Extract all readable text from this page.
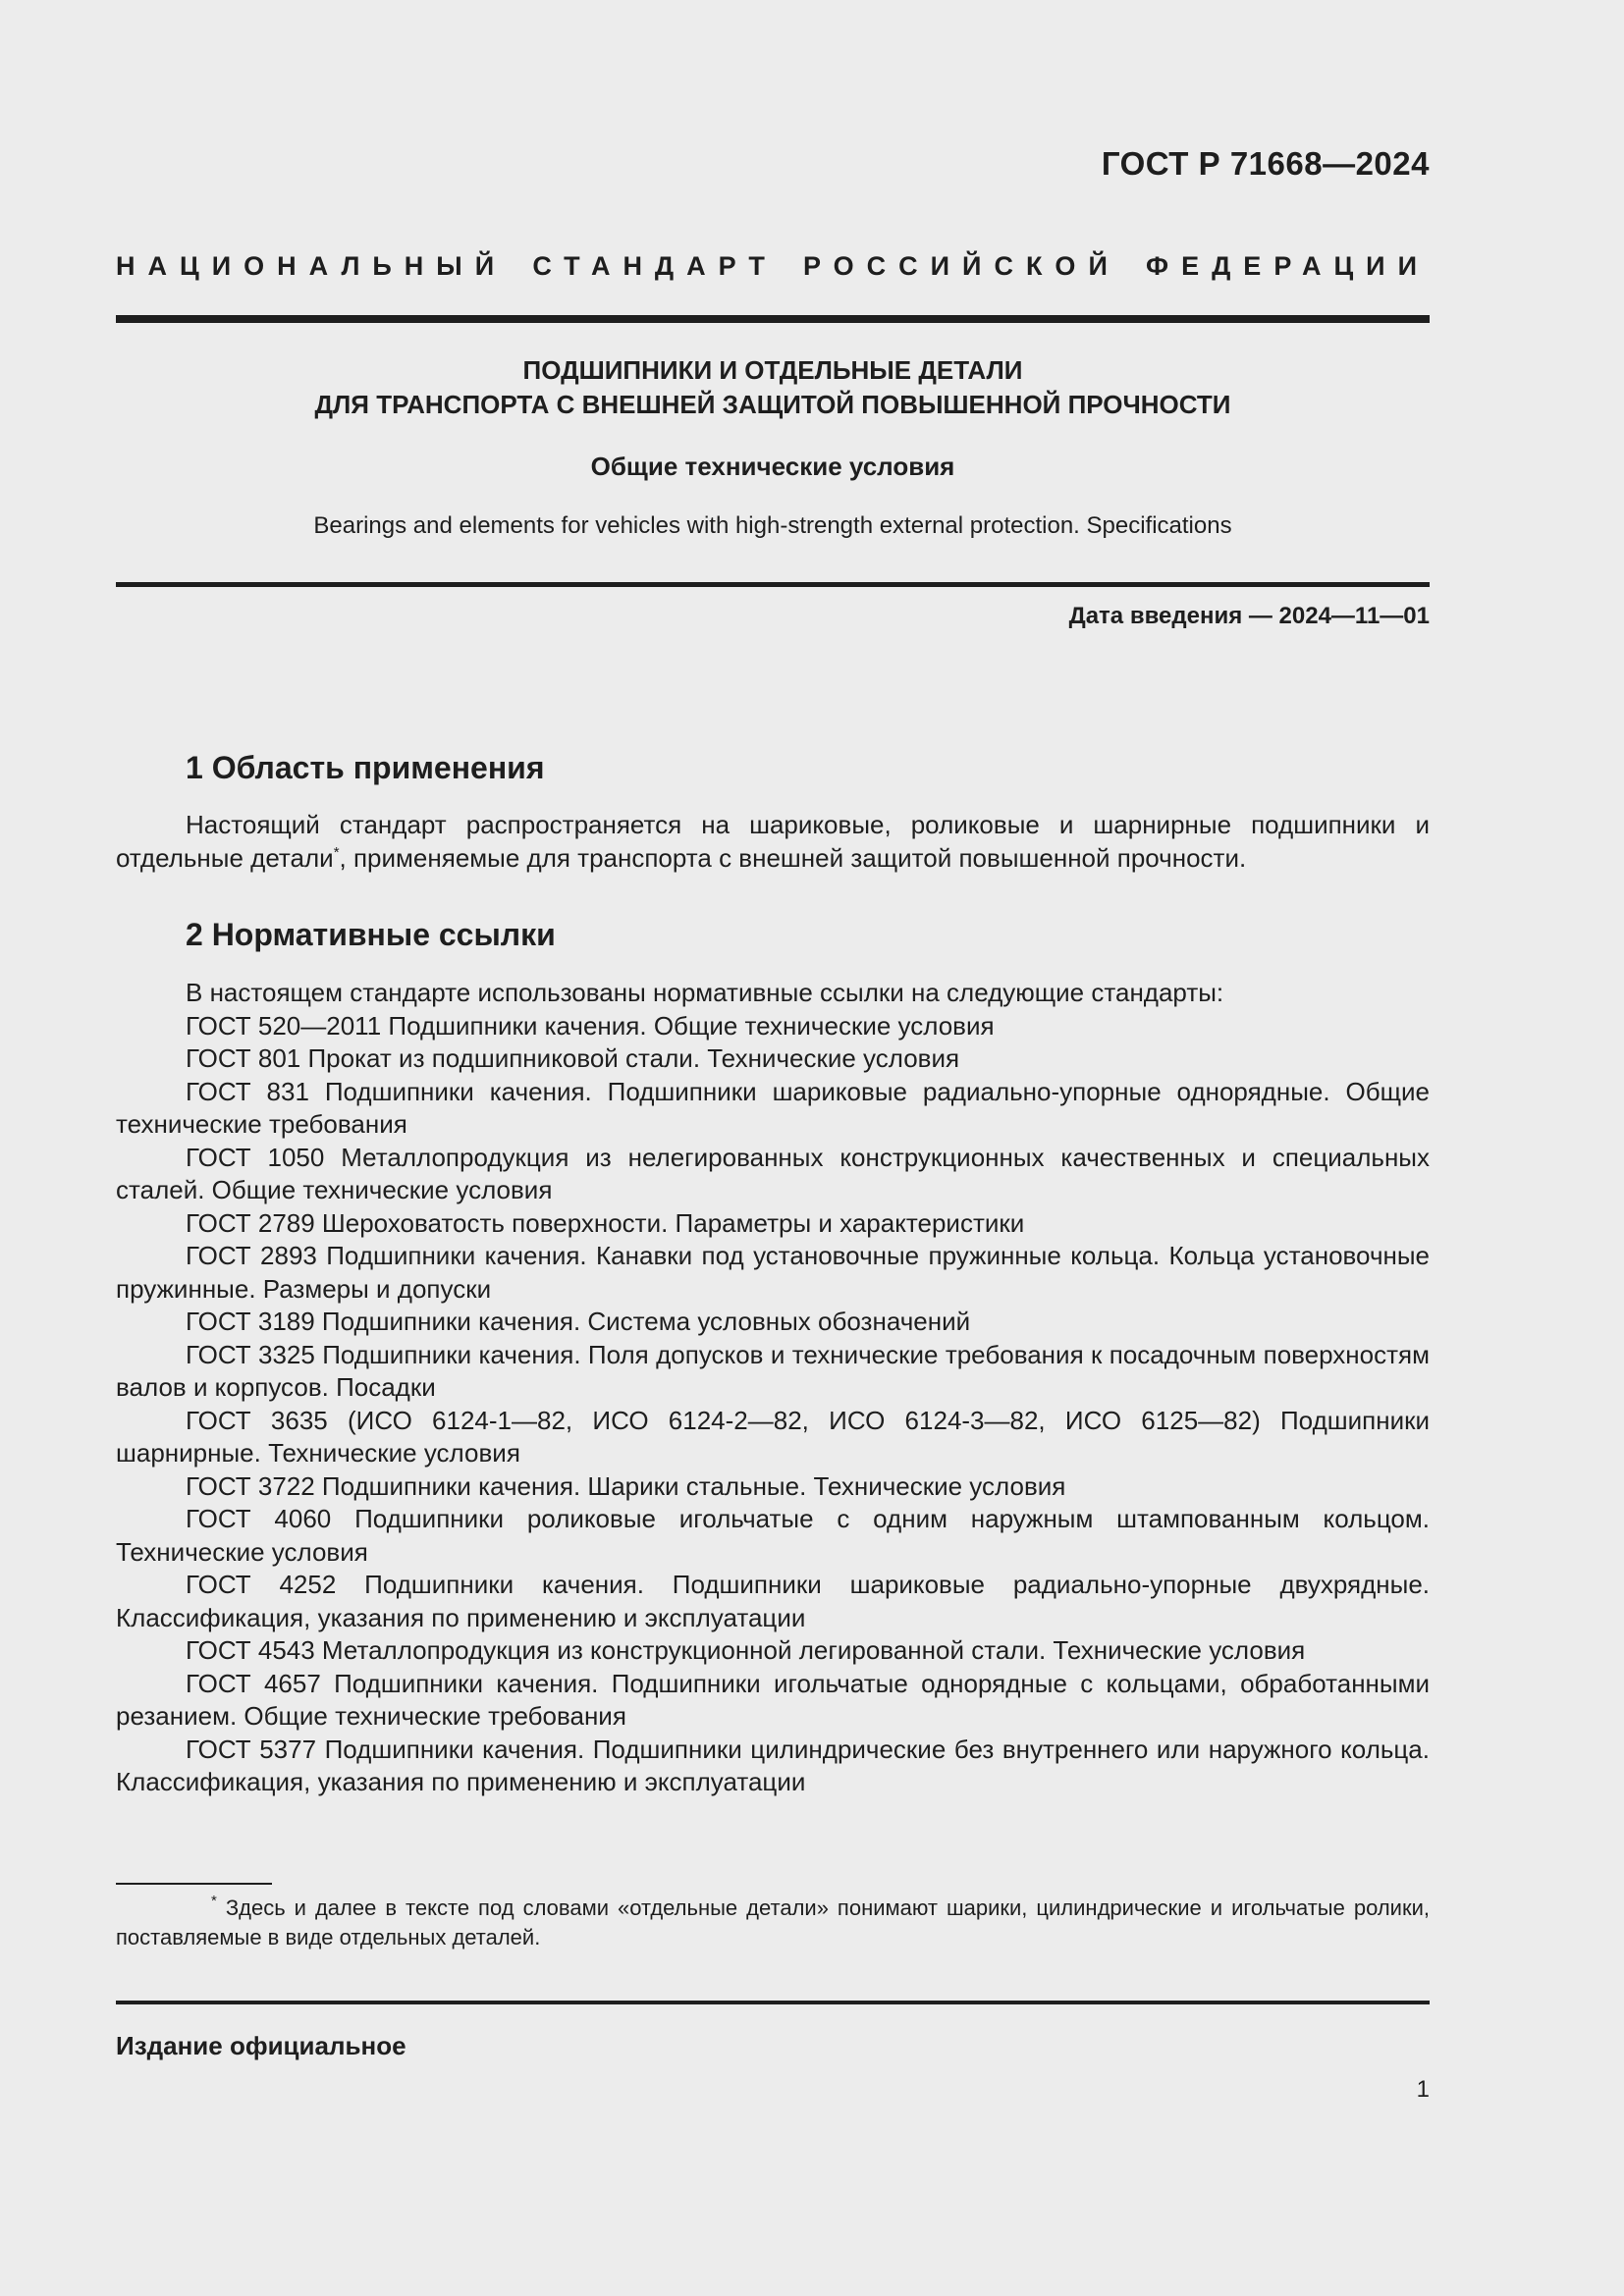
ГОСТ Р 71668—2024
НАЦИОНАЛЬНЫЙ СТАНДАРТ РОССИЙСКОЙ ФЕДЕРАЦИИ
ПОДШИПНИКИ И ОТДЕЛЬНЫЕ ДЕТАЛИ
ДЛЯ ТРАНСПОРТА С ВНЕШНЕЙ ЗАЩИТОЙ ПОВЫШЕННОЙ ПРОЧНОСТИ
Общие технические условия
Bearings and elements for vehicles with high-strength external protection. Specifications
Дата введения — 2024—11—01
1 Область применения

Настоящий стандарт распространяется на шариковые, роликовые и шарнирные подшипники и отдельные детали*, применяемые для транспорта с внешней защитой повышенной прочности.

2 Нормативные ссылки

В настоящем стандарте использованы нормативные ссылки на следующие стандарты:

ГОСТ 520—2011 Подшипники качения. Общие технические условия

ГОСТ 801 Прокат из подшипниковой стали. Технические условия

ГОСТ 831 Подшипники качения. Подшипники шариковые радиально-упорные однорядные. Общие технические требования

ГОСТ 1050 Металлопродукция из нелегированных конструкционных качественных и специальных сталей. Общие технические условия

ГОСТ 2789 Шероховатость поверхности. Параметры и характеристики

ГОСТ 2893 Подшипники качения. Канавки под установочные пружинные кольца. Кольца установочные пружинные. Размеры и допуски

ГОСТ 3189 Подшипники качения. Система условных обозначений

ГОСТ 3325 Подшипники качения. Поля допусков и технические требования к посадочным поверхностям валов и корпусов. Посадки

ГОСТ 3635 (ИСО 6124-1—82, ИСО 6124-2—82, ИСО 6124-3—82, ИСО 6125—82) Подшипники шарнирные. Технические условия

ГОСТ 3722 Подшипники качения. Шарики стальные. Технические условия

ГОСТ 4060 Подшипники роликовые игольчатые с одним наружным штампованным кольцом. Технические условия

ГОСТ 4252 Подшипники качения. Подшипники шариковые радиально-упорные двухрядные. Классификация, указания по применению и эксплуатации

ГОСТ 4543 Металлопродукция из конструкционной легированной стали. Технические условия

ГОСТ 4657 Подшипники качения. Подшипники игольчатые однорядные с кольцами, обработанными резанием. Общие технические требования

ГОСТ 5377 Подшипники качения. Подшипники цилиндрические без внутреннего или наружного кольца. Классификация, указания по применению и эксплуатации

* Здесь и далее в тексте под словами «отдельные детали» понимают шарики, цилиндрические и игольчатые ролики, поставляемые в виде отдельных деталей.

Издание официальное
1
